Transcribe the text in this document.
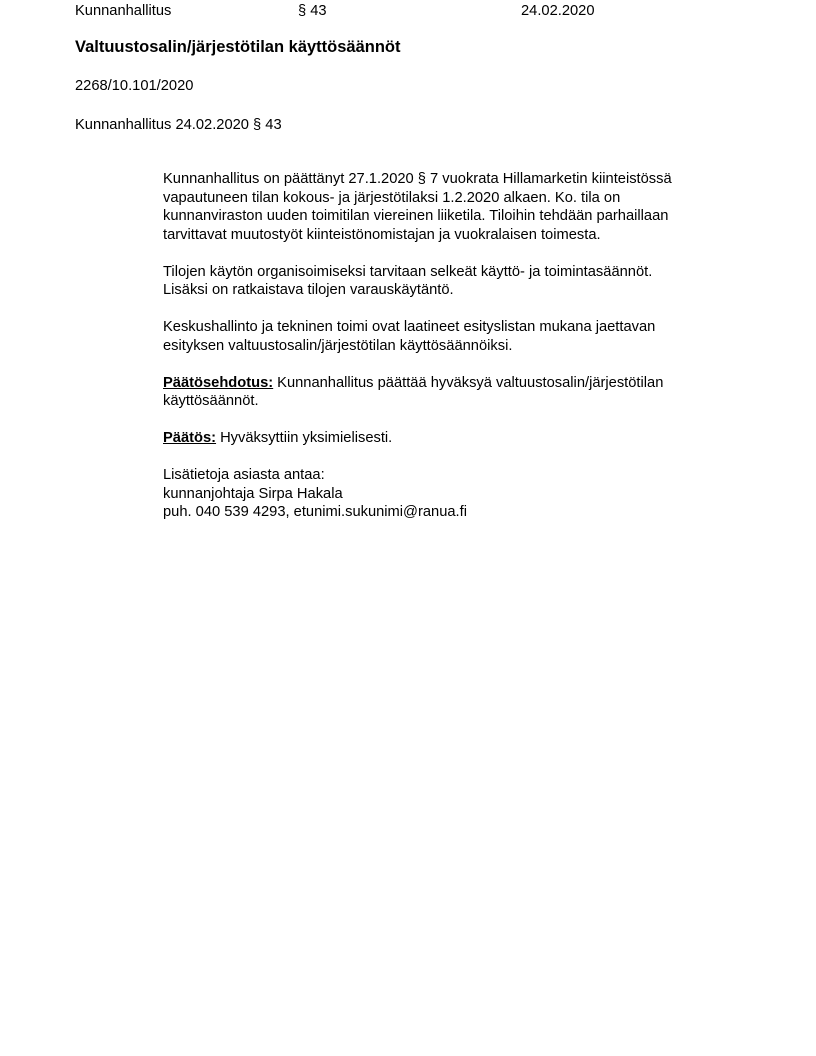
Kunnanhallitus	§ 43	24.02.2020
Valtuustosalin/järjestötilan käyttösäännöt
2268/10.101/2020
Kunnanhallitus 24.02.2020 § 43
Kunnanhallitus on päättänyt 27.1.2020 § 7 vuokrata Hillamarketin kiinteistössä
vapautuneen tilan kokous- ja järjestötilaksi 1.2.2020 alkaen. Ko. tila on
kunnanviraston uuden toimitilan viereinen liiketila. Tiloihin tehdään parhaillaan
tarvittavat muutostyöt kiinteistönomistajan ja vuokralaisen toimesta.
Tilojen käytön organisoimiseksi tarvitaan selkeät käyttö- ja toimintasäännöt.
Lisäksi on ratkaistava tilojen varauskäytäntö.
Keskushallinto ja tekninen toimi ovat laatineet esityslistan mukana jaettavan
esityksen valtuustosalin/järjestötilan käyttösäännöiksi.
Päätösehdotus: Kunnanhallitus päättää hyväksyä valtuustosalin/järjestötilan
käyttösäännöt.
Päätös: Hyväksyttiin yksimielisesti.
Lisätietoja asiasta antaa:
kunnanjohtaja Sirpa Hakala
puh. 040 539 4293, etunimi.sukunimi@ranua.fi
